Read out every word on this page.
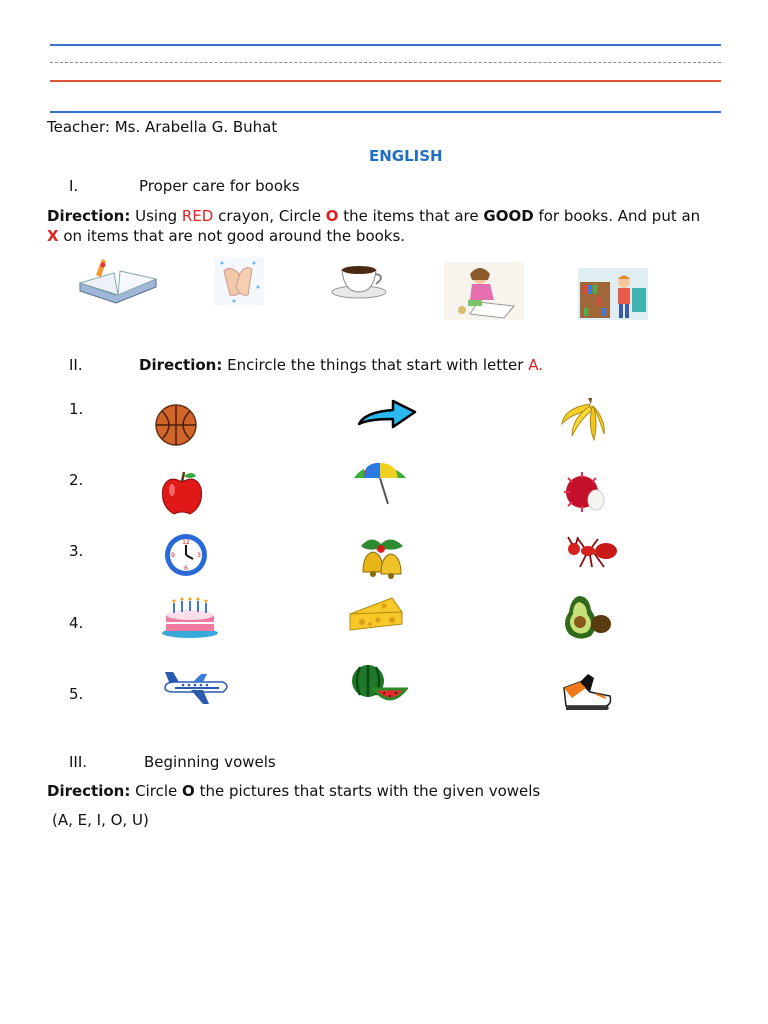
Teacher: Ms. Arabella G. Buhat
ENGLISH
I.	Proper care for books
Direction: Using RED crayon, Circle O the items that are GOOD for books. And put an
X on items that are not good around the books.
II.	Direction: Encircle the things that start with letter A.
1.
2.
3.
4.
5.
12
3
6
9
III.	Beginning vowels
Direction: Circle O the pictures that starts with the given vowels
(A, E, I, O, U)
